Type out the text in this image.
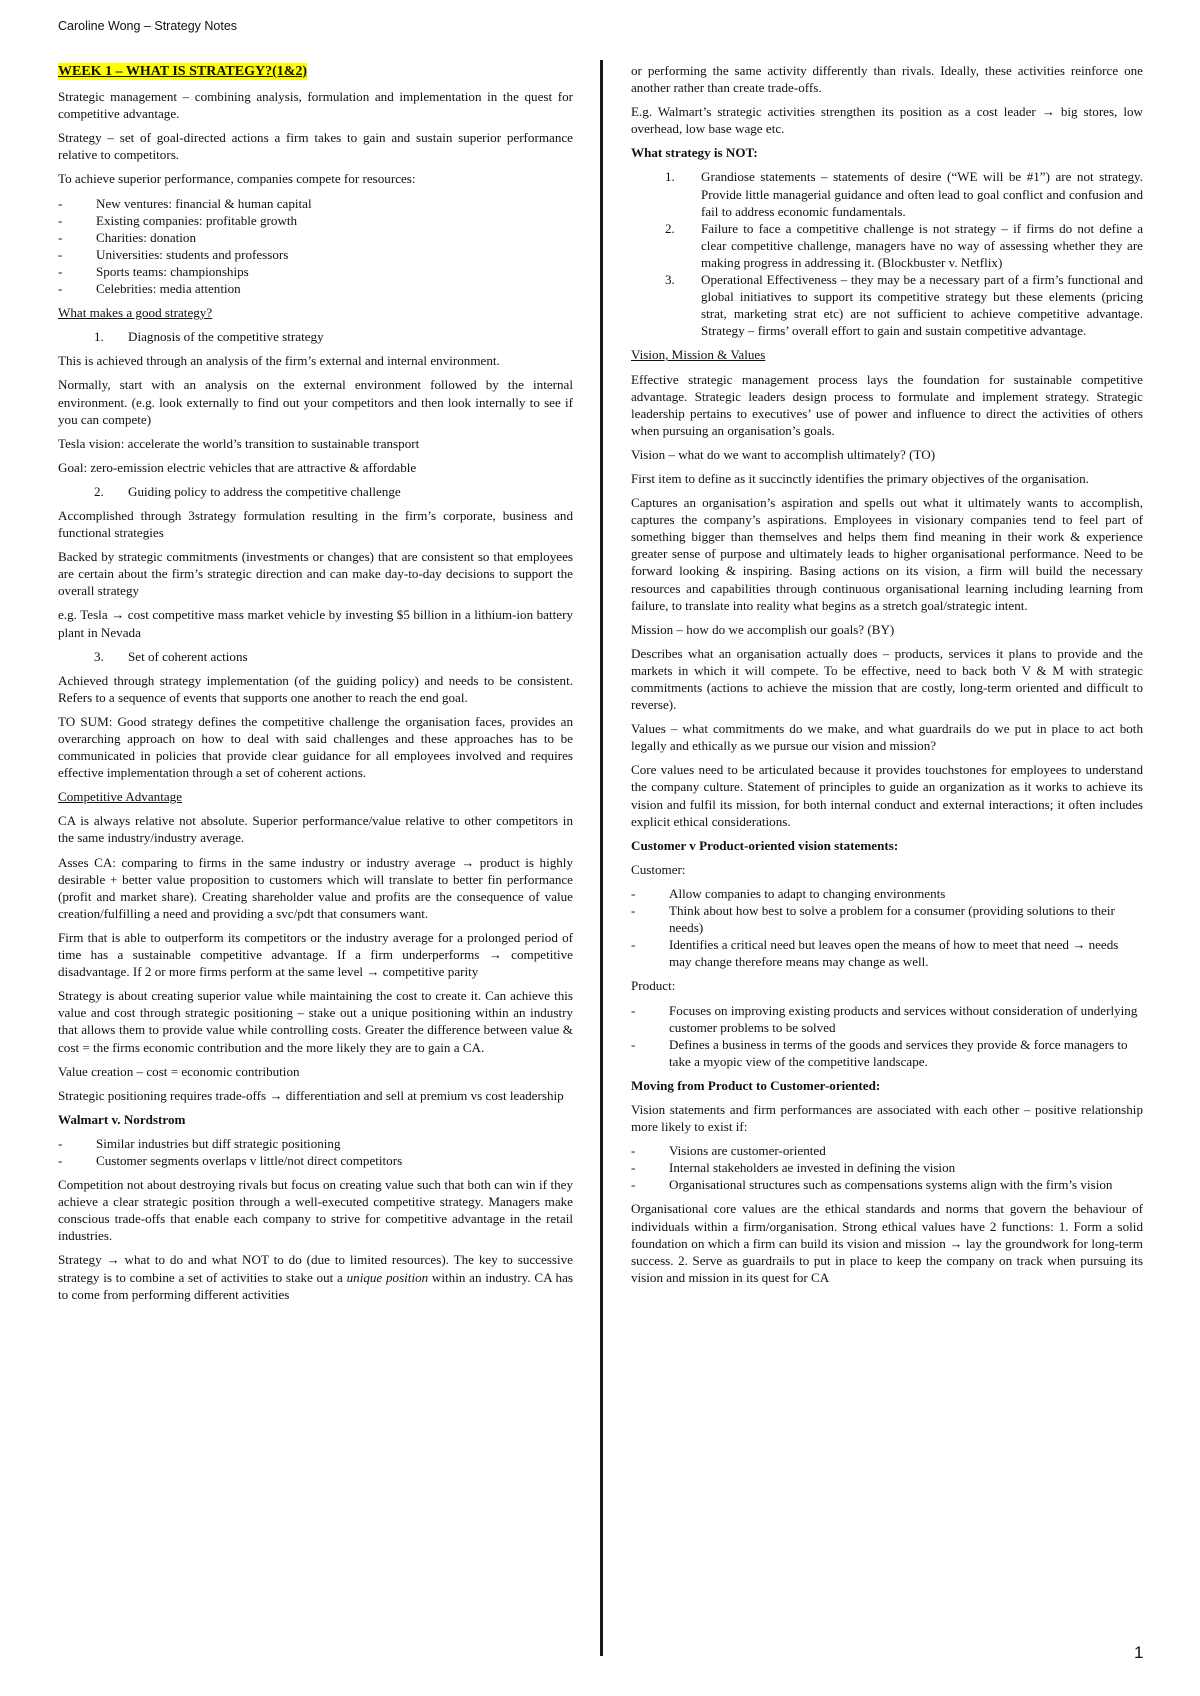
Caroline Wong – Strategy Notes
WEEK 1 – WHAT IS STRATEGY?(1&2)

Strategic management – combining analysis, formulation and implementation in the quest for competitive advantage.

Strategy – set of goal-directed actions a firm takes to gain and sustain superior performance relative to competitors.

To achieve superior performance, companies compete for resources:

- New ventures: financial & human capital
- Existing companies: profitable growth
- Charities: donation
- Universities: students and professors
- Sports teams: championships
- Celebrities: media attention
What makes a good strategy?
1. Diagnosis of the competitive strategy

This is achieved through an analysis of the firm’s external and internal environment.

Normally, start with an analysis on the external environment followed by the internal environment. (e.g. look externally to find out your competitors and then look internally to see if you can compete)

Tesla vision: accelerate the world’s transition to sustainable transport

Goal: zero-emission electric vehicles that are attractive & affordable

2. Guiding policy to address the competitive challenge

Accomplished through 3strategy formulation resulting in the firm’s corporate, business and functional strategies

Backed by strategic commitments (investments or changes) that are consistent so that employees are certain about the firm’s strategic direction and can make day-to-day decisions to support the overall strategy

e.g. Tesla → cost competitive mass market vehicle by investing $5 billion in a lithium-ion battery plant in Nevada

3. Set of coherent actions

Achieved through strategy implementation (of the guiding policy) and needs to be consistent. Refers to a sequence of events that supports one another to reach the end goal.

TO SUM: Good strategy defines the competitive challenge the organisation faces, provides an overarching approach on how to deal with said challenges and these approaches has to be communicated in policies that provide clear guidance for all employees involved and requires effective implementation through a set of coherent actions.

Competitive Advantage

CA is always relative not absolute. Superior performance/value relative to other competitors in the same industry/industry average.

Asses CA: comparing to firms in the same industry or industry average → product is highly desirable + better value proposition to customers which will translate to better fin performance (profit and market share). Creating shareholder value and profits are the consequence of value creation/fulfilling a need and providing a svc/pdt that consumers want.

Firm that is able to outperform its competitors or the industry average for a prolonged period of time has a sustainable competitive advantage. If a firm underperforms → competitive disadvantage. If 2 or more firms perform at the same level → competitive parity

Strategy is about creating superior value while maintaining the cost to create it. Can achieve this value and cost through strategic positioning – stake out a unique positioning within an industry that allows them to provide value while controlling costs. Greater the difference between value & cost = the firms economic contribution and the more likely they are to gain a CA.

Value creation – cost = economic contribution

Strategic positioning requires trade-offs → differentiation and sell at premium vs cost leadership

Walmart v. Nordstrom
- Similar industries but diff strategic positioning
- Customer segments overlaps v little/not direct competitors

Competition not about destroying rivals but focus on creating value such that both can win if they achieve a clear strategic position through a well-executed competitive strategy. Managers make conscious trade-offs that enable each company to strive for competitive advantage in the retail industries.

Strategy → what to do and what NOT to do (due to limited resources). The key to successive strategy is to combine a set of activities to stake out a unique position within an industry. CA has to come from performing different activities

or performing the same activity differently than rivals. Ideally, these activities reinforce one another rather than create trade-offs.

E.g. Walmart’s strategic activities strengthen its position as a cost leader → big stores, low overhead, low base wage etc.

What strategy is NOT:
1. Grandiose statements – statements of desire (“WE will be #1”) are not strategy. Provide little managerial guidance and often lead to goal conflict and confusion and fail to address economic fundamentals.
2. Failure to face a competitive challenge is not strategy – if firms do not define a clear competitive challenge, managers have no way of assessing whether they are making progress in addressing it. (Blockbuster v. Netflix)
3. Operational Effectiveness – they may be a necessary part of a firm’s functional and global initiatives to support its competitive strategy but these elements (pricing strat, marketing strat etc) are not sufficient to achieve competitive advantage. Strategy – firms’ overall effort to gain and sustain competitive advantage.
Vision, Mission & Values

Effective strategic management process lays the foundation for sustainable competitive advantage. Strategic leaders design process to formulate and implement strategy. Strategic leadership pertains to executives’ use of power and influence to direct the activities of others when pursuing an organisation’s goals.

Vision – what do we want to accomplish ultimately? (TO)

First item to define as it succinctly identifies the primary objectives of the organisation.

Captures an organisation’s aspiration and spells out what it ultimately wants to accomplish, captures the company’s aspirations. Employees in visionary companies tend to feel part of something bigger than themselves and helps them find meaning in their work & experience greater sense of purpose and ultimately leads to higher organisational performance. Need to be forward looking & inspiring. Basing actions on its vision, a firm will build the necessary resources and capabilities through continuous organisational learning including learning from failure, to translate into reality what begins as a stretch goal/strategic intent.

Mission – how do we accomplish our goals? (BY)

Describes what an organisation actually does – products, services it plans to provide and the markets in which it will compete. To be effective, need to back both V & M with strategic commitments (actions to achieve the mission that are costly, long-term oriented and difficult to reverse).

Values – what commitments do we make, and what guardrails do we put in place to act both legally and ethically as we pursue our vision and mission?

Core values need to be articulated because it provides touchstones for employees to understand the company culture. Statement of principles to guide an organization as it works to achieve its vision and fulfil its mission, for both internal conduct and external interactions; it often includes explicit ethical considerations.

Customer v Product-oriented vision statements:

Customer:

- Allow companies to adapt to changing environments
- Think about how best to solve a problem for a consumer (providing solutions to their needs)
- Identifies a critical need but leaves open the means of how to meet that need → needs may change therefore means may change as well.

Product:

- Focuses on improving existing products and services without consideration of underlying customer problems to be solved
- Defines a business in terms of the goods and services they provide & force managers to take a myopic view of the competitive landscape.
Moving from Product to Customer-oriented:

Vision statements and firm performances are associated with each other – positive relationship more likely to exist if:

- Visions are customer-oriented
- Internal stakeholders ae invested in defining the vision
- Organisational structures such as compensations systems align with the firm’s vision

Organisational core values are the ethical standards and norms that govern the behaviour of individuals within a firm/organisation. Strong ethical values have 2 functions: 1. Form a solid foundation on which a firm can build its vision and mission → lay the groundwork for long-term success. 2. Serve as guardrails to put in place to keep the company on track when pursuing its vision and mission in its quest for CA

1
